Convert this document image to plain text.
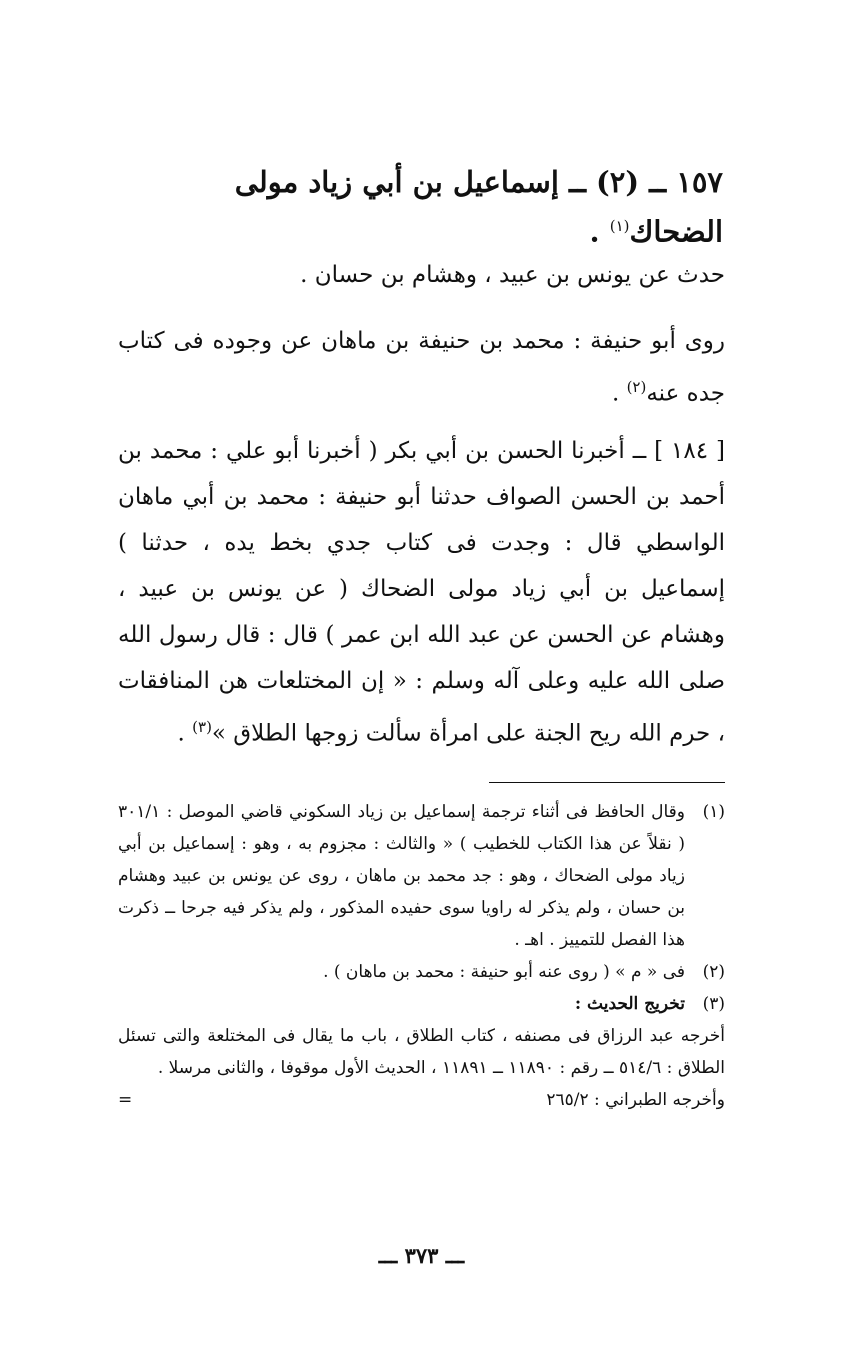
١٥٧ ــ (٢) ــ إسماعيل بن أبي زياد مولى الضحاك$^{(١)}$ .

حدث عن يونس بن عبيد ، وهشام بن حسان .

روى أبو حنيفة : محمد بن حنيفة بن ماهان عن وجوده فى كتاب جده عنه$^{(٢)}$ .

[ ١٨٤ ] ــ أخبرنا الحسن بن أبي بكر ( أخبرنا أبو علي : محمد بن أحمد بن الحسن الصواف حدثنا أبو حنيفة : محمد بن أبي ماهان الواسطي قال : وجدت فى كتاب جدي بخط يده ، حدثنا ) إسماعيل بن أبي زياد مولى الضحاك ( عن يونس بن عبيد ، وهشام عن الحسن عن عبد الله ابن عمر ) قال : قال رسول الله صلى الله عليه وعلى آله وسلم : « إن المختلعات هن المنافقات ، حرم الله ريح الجنة على امرأة سألت زوجها الطلاق »$^{(٣)}$ .

(١)
وقال الحافظ فى أثناء ترجمة إسماعيل بن زياد السكوني قاضي الموصل : ٣٠١/١ ( نقلاً عن هذا الكتاب للخطيب ) « والثالث : مجزوم به ، وهو : إسماعيل بن أبي زياد مولى الضحاك ، وهو : جد محمد بن ماهان ، روى عن يونس بن عبيد وهشام بن حسان ، ولم يذكر له راويا سوى حفيده المذكور ، ولم يذكر فيه جرحا ــ ذكرت هذا الفصل للتمييز . اهـ .
(٢)
فى « م » ( روى عنه أبو حنيفة : محمد بن ماهان ) .
(٣)
تخريج الحديث :
أخرجه عبد الرزاق فى مصنفه ، كتاب الطلاق ، باب ما يقال فى المختلعة والتى تسئل الطلاق : ٥١٤/٦ ــ رقم : ١١٨٩٠ ــ ١١٨٩١ ، الحديث الأول موقوفا ، والثانى مرسلا .
وأخرجه الطبراني : ٢٦٥/٢
=
ـــ ٣٧٣ ـــ
